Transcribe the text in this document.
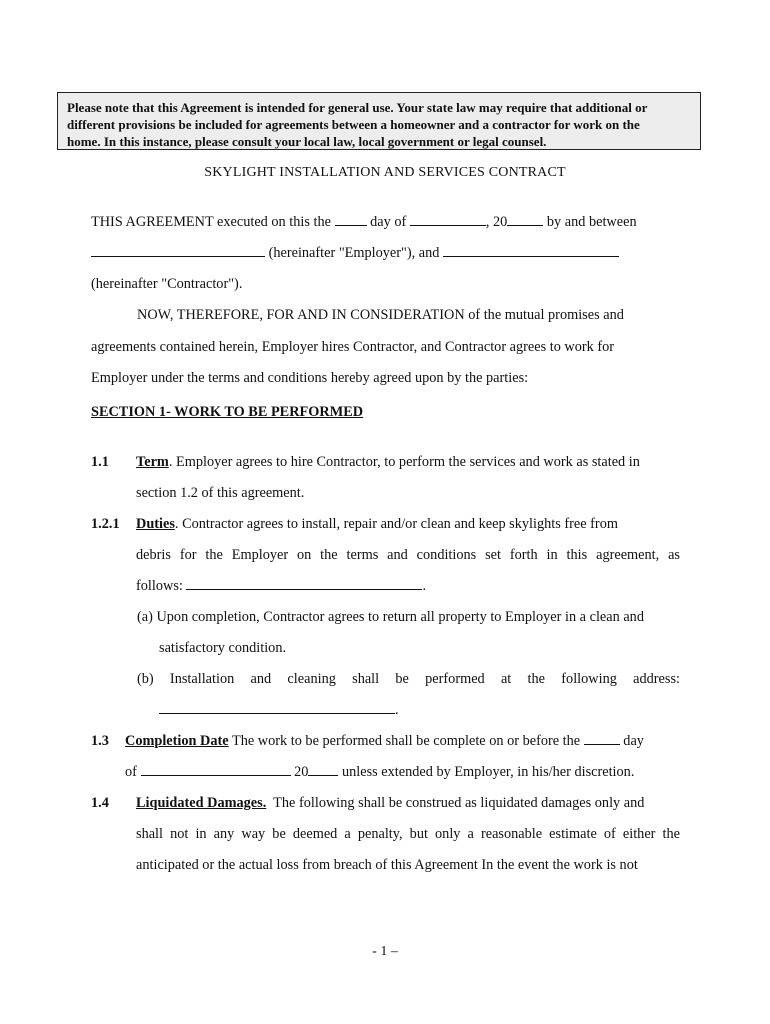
Please note that this Agreement is intended for general use. Your state law may require that additional or
different provisions be included for agreements between a homeowner and a contractor for work on the
home. In this instance, please consult your local law, local government or legal counsel.
SKYLIGHT INSTALLATION AND SERVICES CONTRACT
THIS AGREEMENT executed on this the	day of	, 20	by and between
(hereinafter "Employer"), and
(hereinafter "Contractor").
NOW, THEREFORE, FOR AND IN CONSIDERATION of the mutual promises and
agreements contained herein, Employer hires Contractor, and Contractor agrees to work for
Employer under the terms and conditions hereby agreed upon by the parties:
SECTION 1- WORK TO BE PERFORMED
1.1 Term. Employer agrees to hire Contractor, to perform the services and work as stated in
section 1.2 of this agreement.
1.2.1 Duties. Contractor agrees to install, repair and/or clean and keep skylights free from
debris for the Employer on the terms and conditions set forth in this agreement, as
follows:	.
(a) Upon completion, Contractor agrees to return all property to Employer in a clean and
satisfactory condition.
(b) Installation and cleaning shall be performed at the following address:
.
1.3 Completion Date The work to be performed shall be complete on or before the	day
of	20 unless extended by Employer, in his/her discretion.
1.4 Liquidated Damages. The following shall be construed as liquidated damages only and
shall not in any way be deemed a penalty, but only a reasonable estimate of either the
anticipated or the actual loss from breach of this Agreement In the event the work is not
- 1 –
